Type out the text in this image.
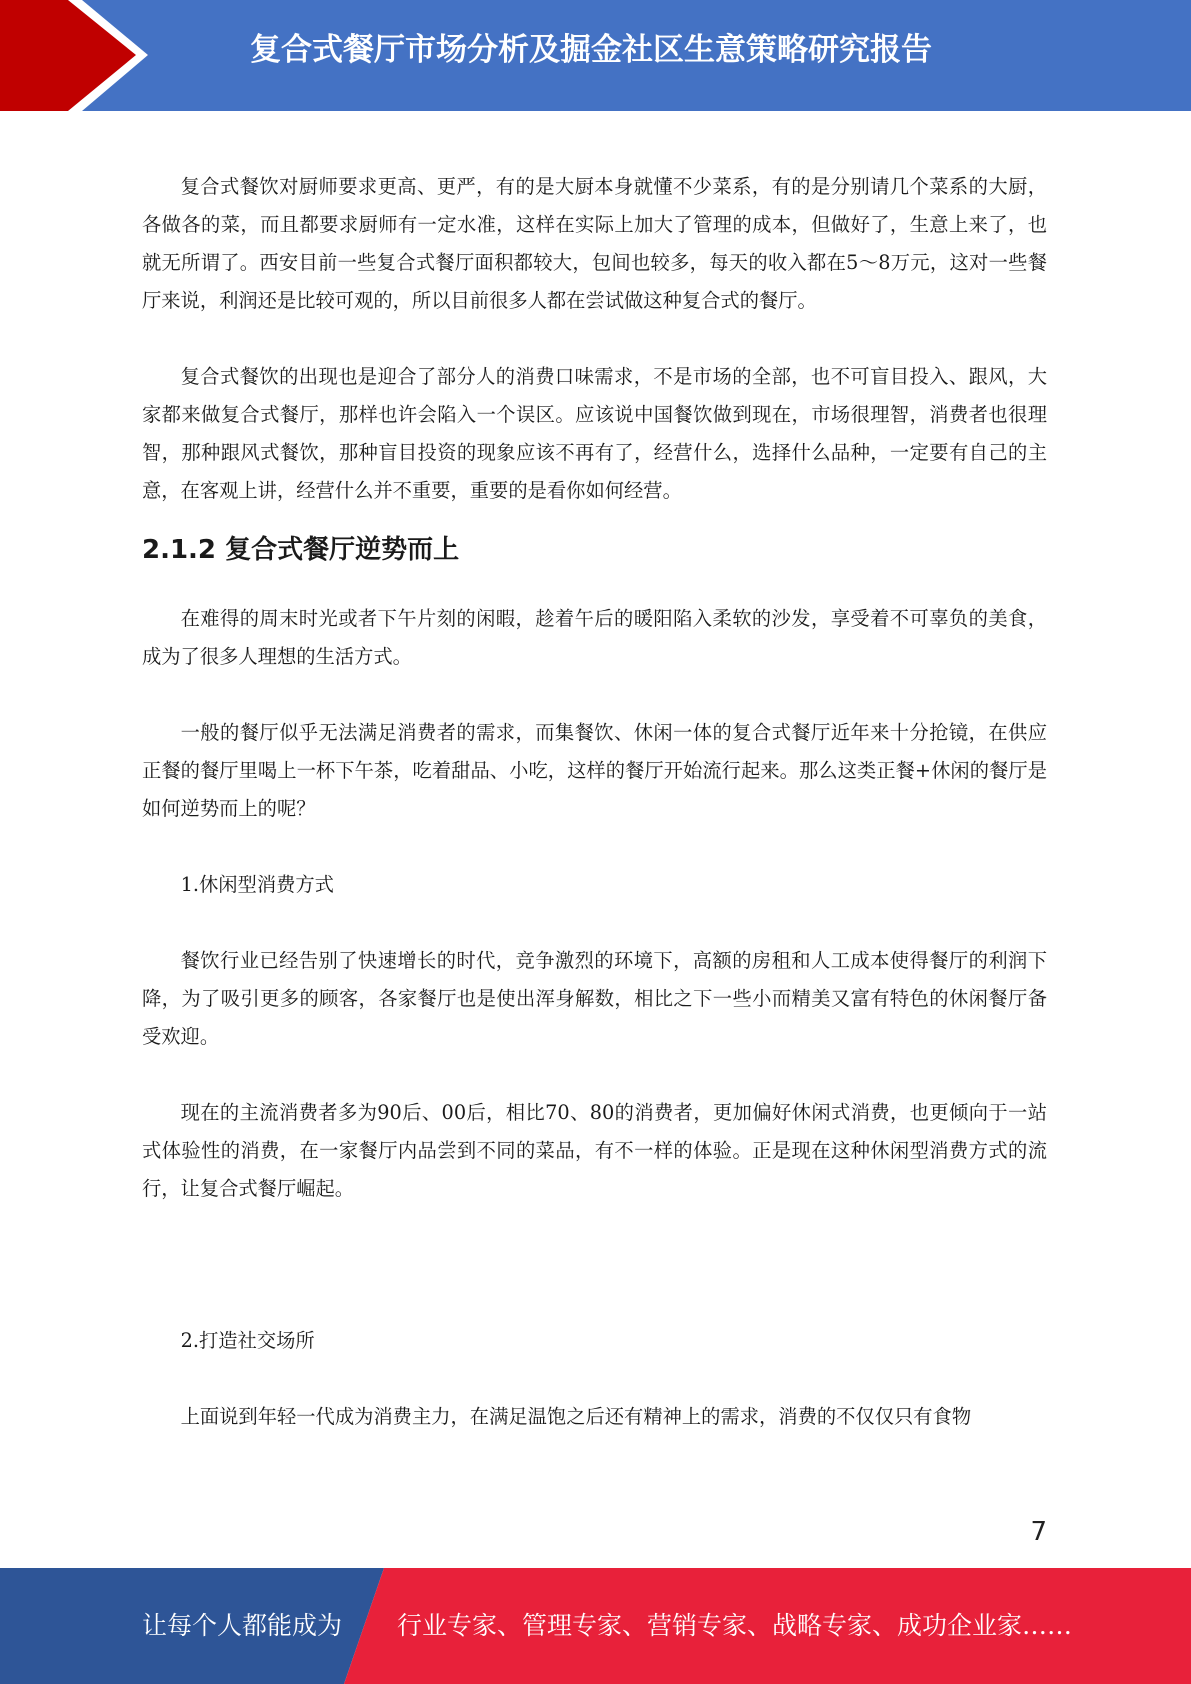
复合式餐厅市场分析及掘金社区生意策略研究报告

复合式餐饮对厨师要求更高、更严，有的是大厨本身就懂不少菜系，有的是分别请几个菜系的大厨，各做各的菜，而且都要求厨师有一定水准，这样在实际上加大了管理的成本，但做好了，生意上来了，也就无所谓了。西安目前一些复合式餐厅面积都较大，包间也较多，每天的收入都在5～8万元，这对一些餐厅来说，利润还是比较可观的，所以目前很多人都在尝试做这种复合式的餐厅。

复合式餐饮的出现也是迎合了部分人的消费口味需求，不是市场的全部，也不可盲目投入、跟风，大家都来做复合式餐厅，那样也许会陷入一个误区。应该说中国餐饮做到现在，市场很理智，消费者也很理智，那种跟风式餐饮，那种盲目投资的现象应该不再有了，经营什么，选择什么品种，一定要有自己的主意，在客观上讲，经营什么并不重要，重要的是看你如何经营。

2.1.2 复合式餐厅逆势而上

在难得的周末时光或者下午片刻的闲暇，趁着午后的暖阳陷入柔软的沙发，享受着不可辜负的美食，成为了很多人理想的生活方式。

一般的餐厅似乎无法满足消费者的需求，而集餐饮、休闲一体的复合式餐厅近年来十分抢镜，在供应正餐的餐厅里喝上一杯下午茶，吃着甜品、小吃，这样的餐厅开始流行起来。那么这类正餐+休闲的餐厅是如何逆势而上的呢？

1.休闲型消费方式

餐饮行业已经告别了快速增长的时代，竞争激烈的环境下，高额的房租和人工成本使得餐厅的利润下降，为了吸引更多的顾客，各家餐厅也是使出浑身解数，相比之下一些小而精美又富有特色的休闲餐厅备受欢迎。

现在的主流消费者多为90后、00后，相比70、80的消费者，更加偏好休闲式消费，也更倾向于一站式体验性的消费，在一家餐厅内品尝到不同的菜品，有不一样的体验。正是现在这种休闲型消费方式的流行，让复合式餐厅崛起。

2.打造社交场所

上面说到年轻一代成为消费主力，在满足温饱之后还有精神上的需求，消费的不仅仅只有食物

7
让每个人都能成为 行业专家、管理专家、营销专家、战略专家、成功企业家……
